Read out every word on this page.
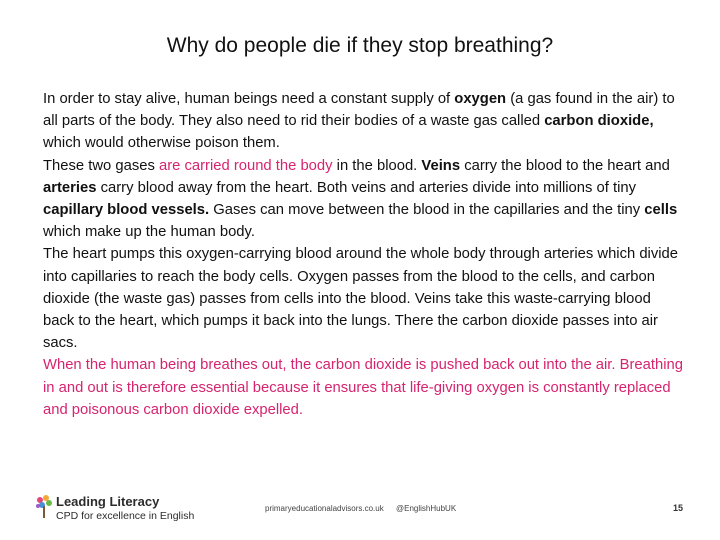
Why do people die if they stop breathing?

In order to stay alive, human beings need a constant supply of oxygen (a gas found in the air) to all parts of the body. They also need to rid their bodies of a waste gas called carbon dioxide, which would otherwise poison them.

These two gases are carried round the body in the blood. Veins carry the blood to the heart and arteries carry blood away from the heart. Both veins and arteries divide into millions of tiny capillary blood vessels. Gases can move between the blood in the capillaries and the tiny cells which make up the human body.

The heart pumps this oxygen-carrying blood around the whole body through arteries which divide into capillaries to reach the body cells. Oxygen passes from the blood to the cells, and carbon dioxide (the waste gas) passes from cells into the blood. Veins take this waste-carrying blood back to the heart, which pumps it back into the lungs. There the carbon dioxide passes into air sacs.

When the human being breathes out, the carbon dioxide is pushed back out into the air. Breathing in and out is therefore essential because it ensures that life-giving oxygen is constantly replaced and poisonous carbon dioxide expelled.

Leading Literacy
CPD for excellence in English
primaryeducationaladvisors.co.uk @EnglishHubUK	15
